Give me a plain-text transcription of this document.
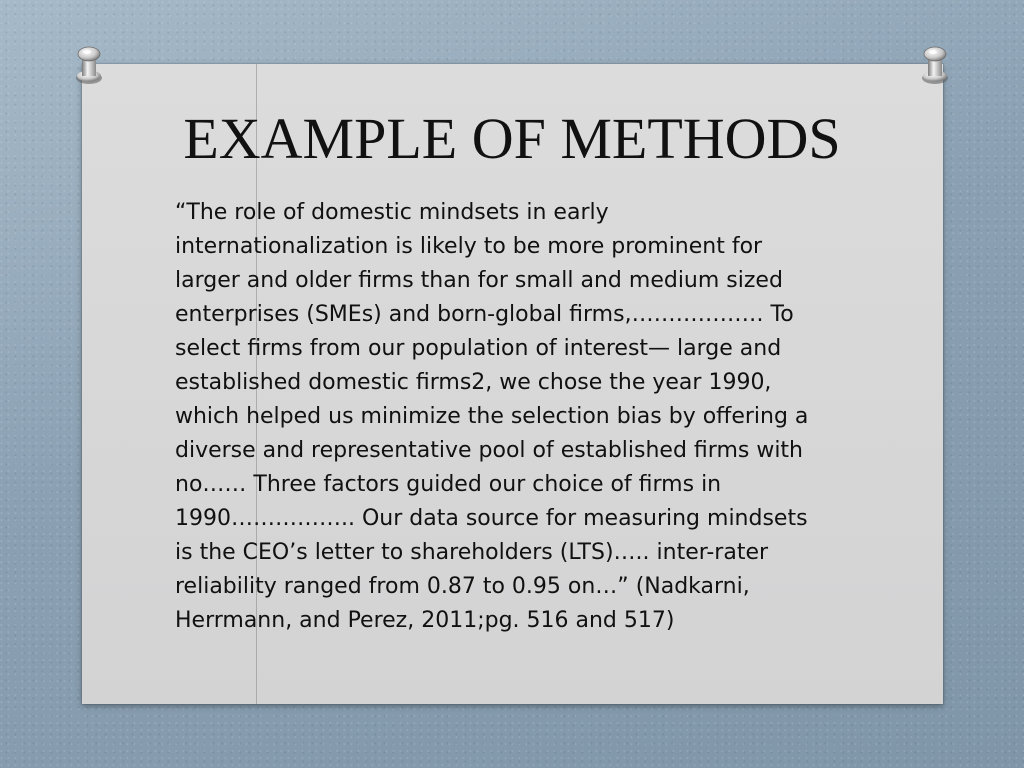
EXAMPLE OF METHODS

“The role of domestic mindsets in early
internationalization is likely to be more prominent for
larger and older firms than for small and medium sized
enterprises (SMEs) and born-global firms,……………… To
select firms from our population of interest— large and
established domestic firms2, we chose the year 1990,
which helped us minimize the selection bias by offering a
diverse and representative pool of established firms with
no…… Three factors guided our choice of firms in
1990…………….. Our data source for measuring mindsets
is the CEO’s letter to shareholders (LTS)….. inter-rater
reliability ranged from 0.87 to 0.95 on…” (Nadkarni,
Herrmann, and Perez, 2011;pg. 516 and 517)
